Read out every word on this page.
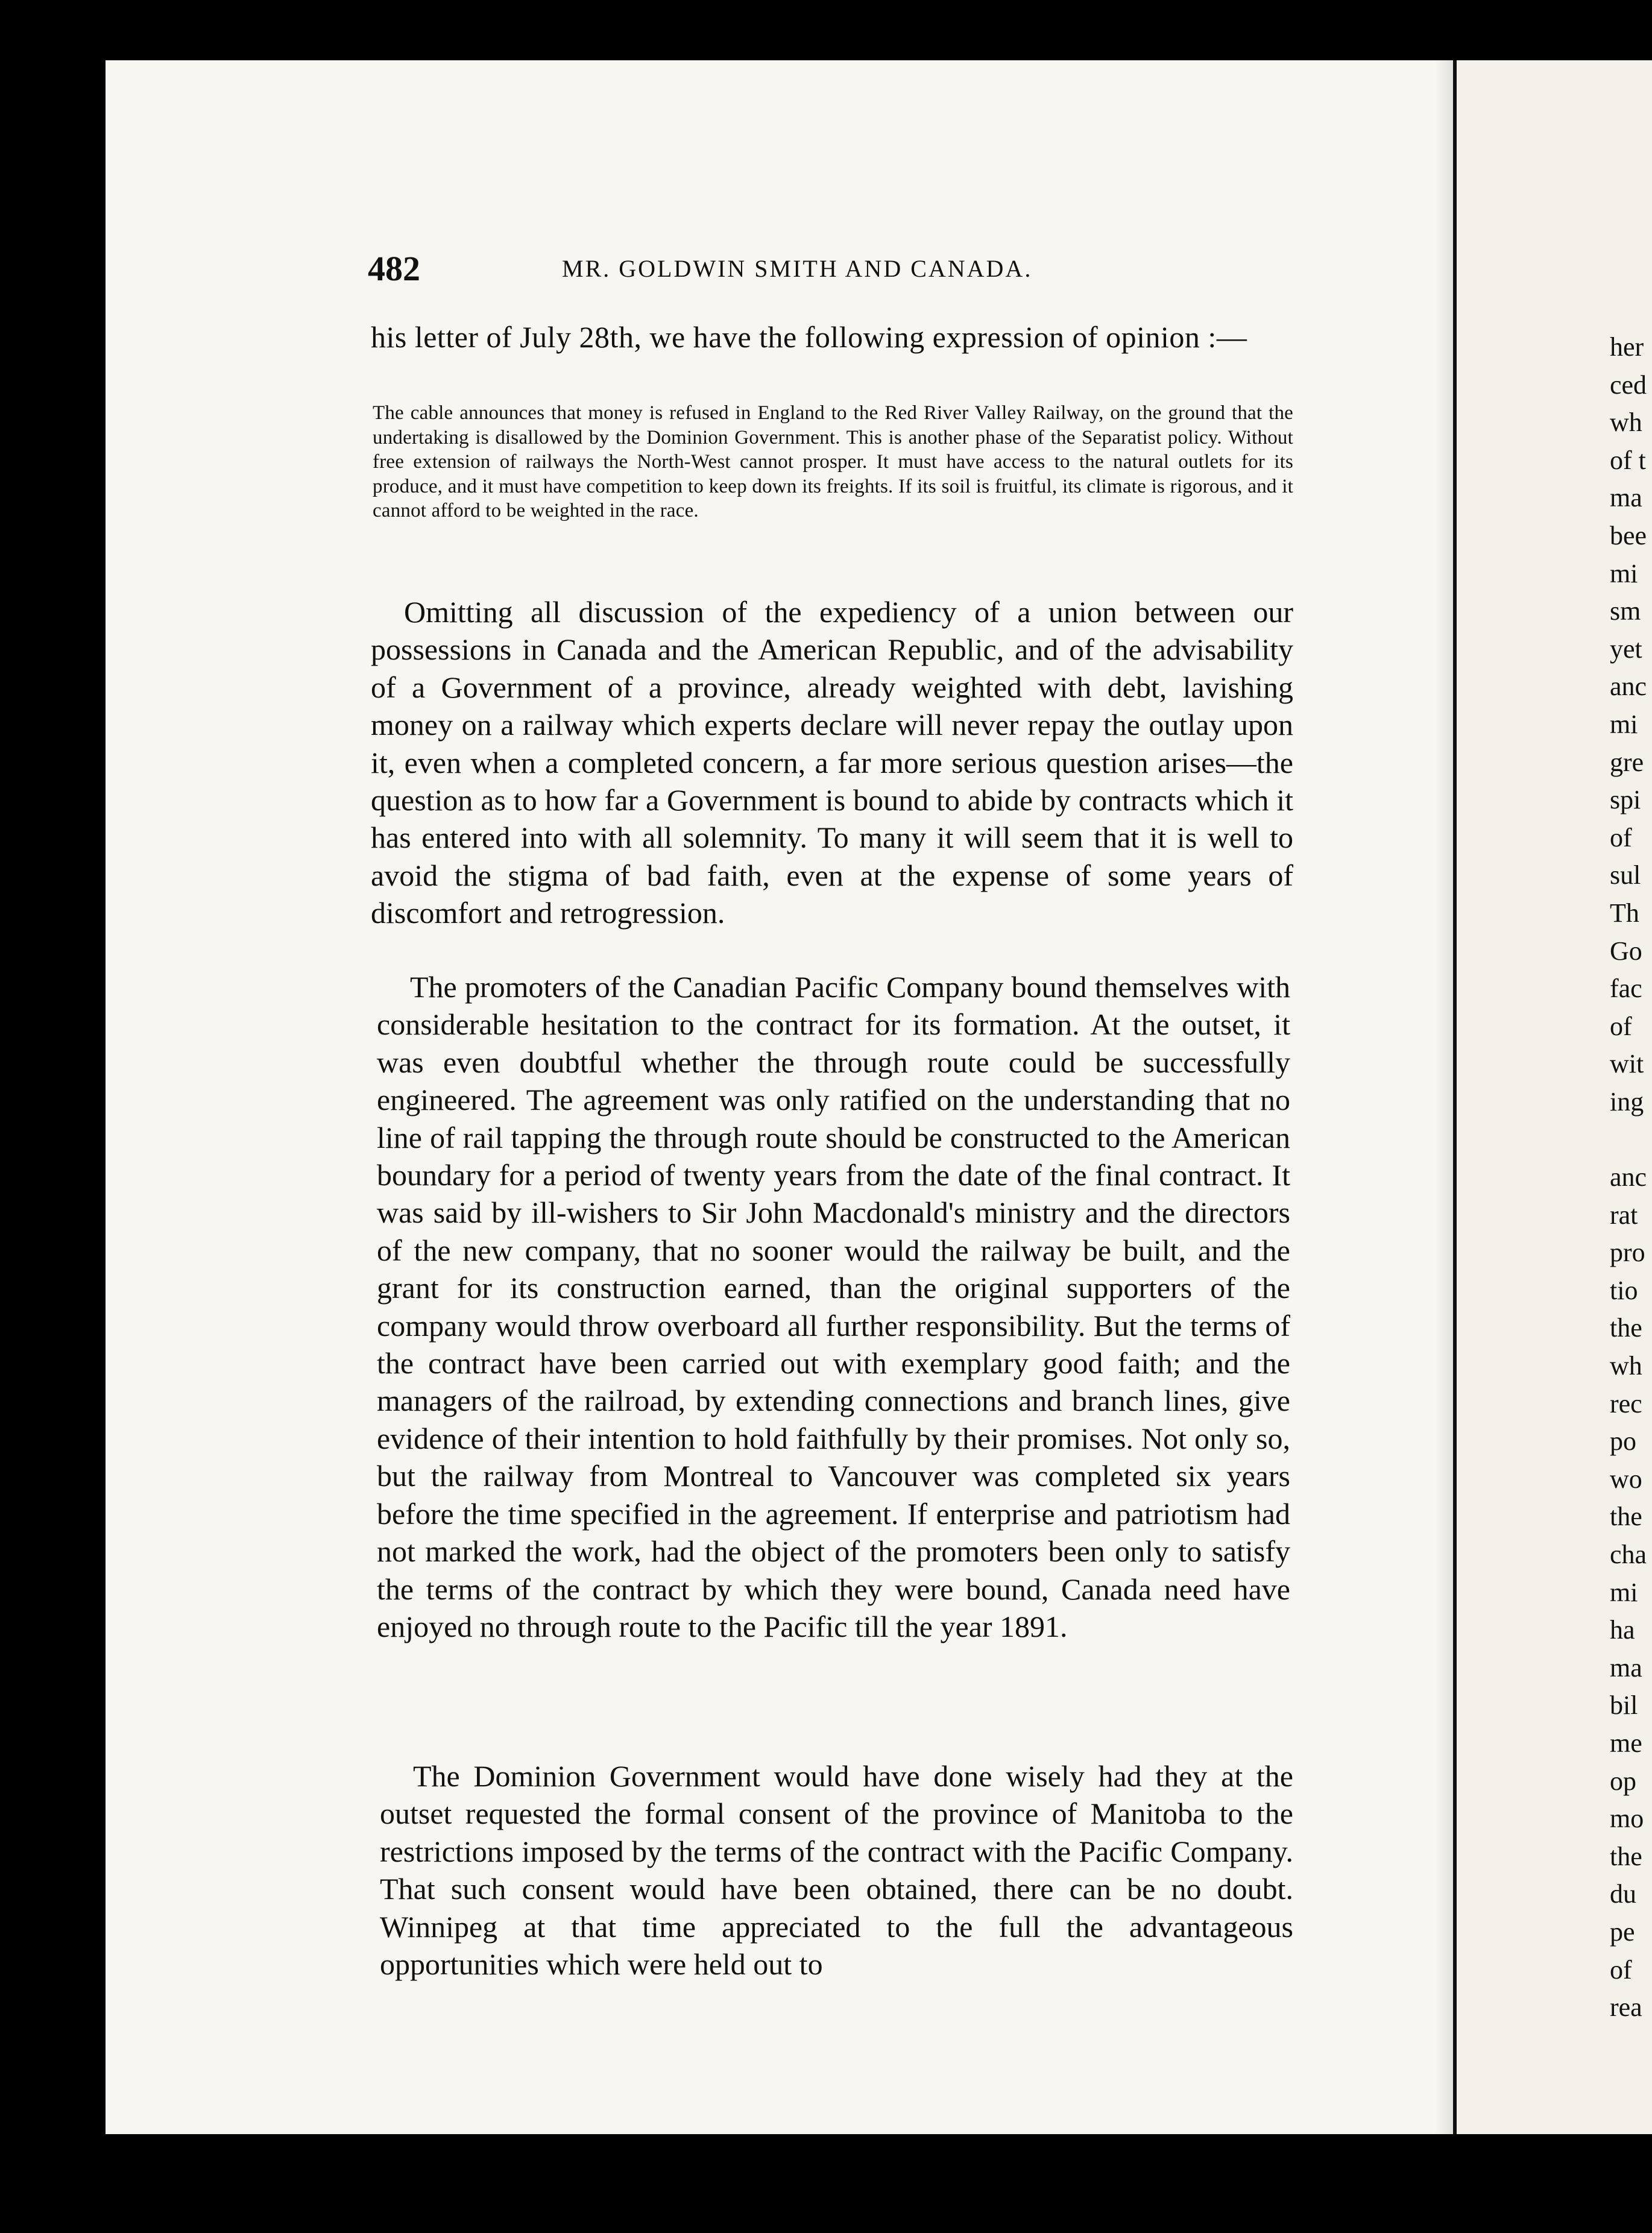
her
ced
wh
of t
ma
bee
mi
sm
yet
anc
mi
gre
spi
of
sul
Th
Go
fac
of
wit
ing
anc
rat
pro
tio
the
wh
rec
po
wo
the
cha
mi
ha
ma
bil
me
op
mo
the
du
pe
of
rea
482	MR. GOLDWIN SMITH AND CANADA.

his letter of July 28th, we have the following expression of opinion :—

The cable announces that money is refused in England to the Red River Valley Railway, on the ground that the undertaking is disallowed by the Dominion Government. This is another phase of the Separatist policy. Without free extension of railways the North-West cannot prosper. It must have access to the natural outlets for its produce, and it must have competition to keep down its freights. If its soil is fruitful, its climate is rigorous, and it cannot afford to be weighted in the race.

Omitting all discussion of the expediency of a union between our possessions in Canada and the American Republic, and of the advisability of a Government of a province, already weighted with debt, lavishing money on a railway which experts declare will never repay the outlay upon it, even when a completed concern, a far more serious question arises—the question as to how far a Government is bound to abide by contracts which it has entered into with all solemnity. To many it will seem that it is well to avoid the stigma of bad faith, even at the expense of some years of discomfort and retrogression.

The promoters of the Canadian Pacific Company bound themselves with considerable hesitation to the contract for its formation. At the outset, it was even doubtful whether the through route could be successfully engineered. The agreement was only ratified on the understanding that no line of rail tapping the through route should be constructed to the American boundary for a period of twenty years from the date of the final contract. It was said by ill-wishers to Sir John Macdonald's ministry and the directors of the new company, that no sooner would the railway be built, and the grant for its construction earned, than the original supporters of the company would throw overboard all further responsibility. But the terms of the contract have been carried out with exemplary good faith; and the managers of the railroad, by extending connections and branch lines, give evidence of their intention to hold faithfully by their promises. Not only so, but the railway from Montreal to Vancouver was completed six years before the time specified in the agreement. If enterprise and patriotism had not marked the work, had the object of the promoters been only to satisfy the terms of the contract by which they were bound, Canada need have enjoyed no through route to the Pacific till the year 1891.

The Dominion Government would have done wisely had they at the outset requested the formal consent of the province of Manitoba to the restrictions imposed by the terms of the contract with the Pacific Company. That such consent would have been obtained, there can be no doubt. Winnipeg at that time appreciated to the full the advantageous opportunities which were held out to
